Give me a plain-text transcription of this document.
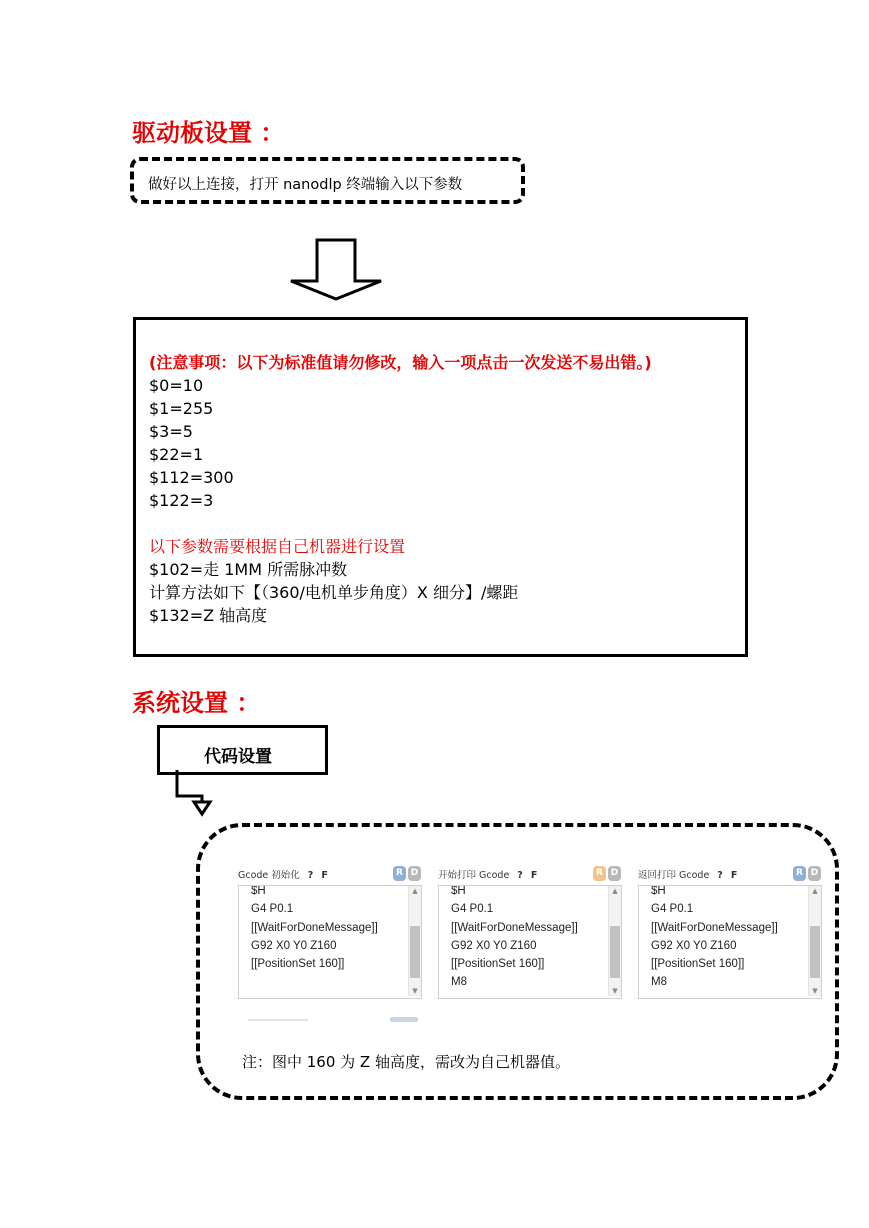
驱动板设置 ：
做好以上连接，打开 nanodlp 终端输入以下参数
(注意事项：以下为标准值请勿修改，输入一项点击一次发送不易出错。)
$0=10
$1=255
$3=5
$22=1
$112=300
$122=3
以下参数需要根据自己机器进行设置
$102=走 1MM 所需脉冲数
计算方法如下【（360/电机单步角度）X 细分】/螺距
$132=Z 轴高度
系统设置 ：
代码设置
Gcode 初始化 ? F	R D
$H
G4 P0.1
[[WaitForDoneMessage]]
G92 X0 Y0 Z160
[[PositionSet 160]]
▲
▼
开始打印 Gcode ? F	R D
$H
G4 P0.1
[[WaitForDoneMessage]]
G92 X0 Y0 Z160
[[PositionSet 160]]
M8
▲
▼
返回打印 Gcode ? F	R D
$H
G4 P0.1
[[WaitForDoneMessage]]
G92 X0 Y0 Z160
[[PositionSet 160]]
M8
▲
▼
注：图中 160 为 Z 轴高度，需改为自己机器值。
